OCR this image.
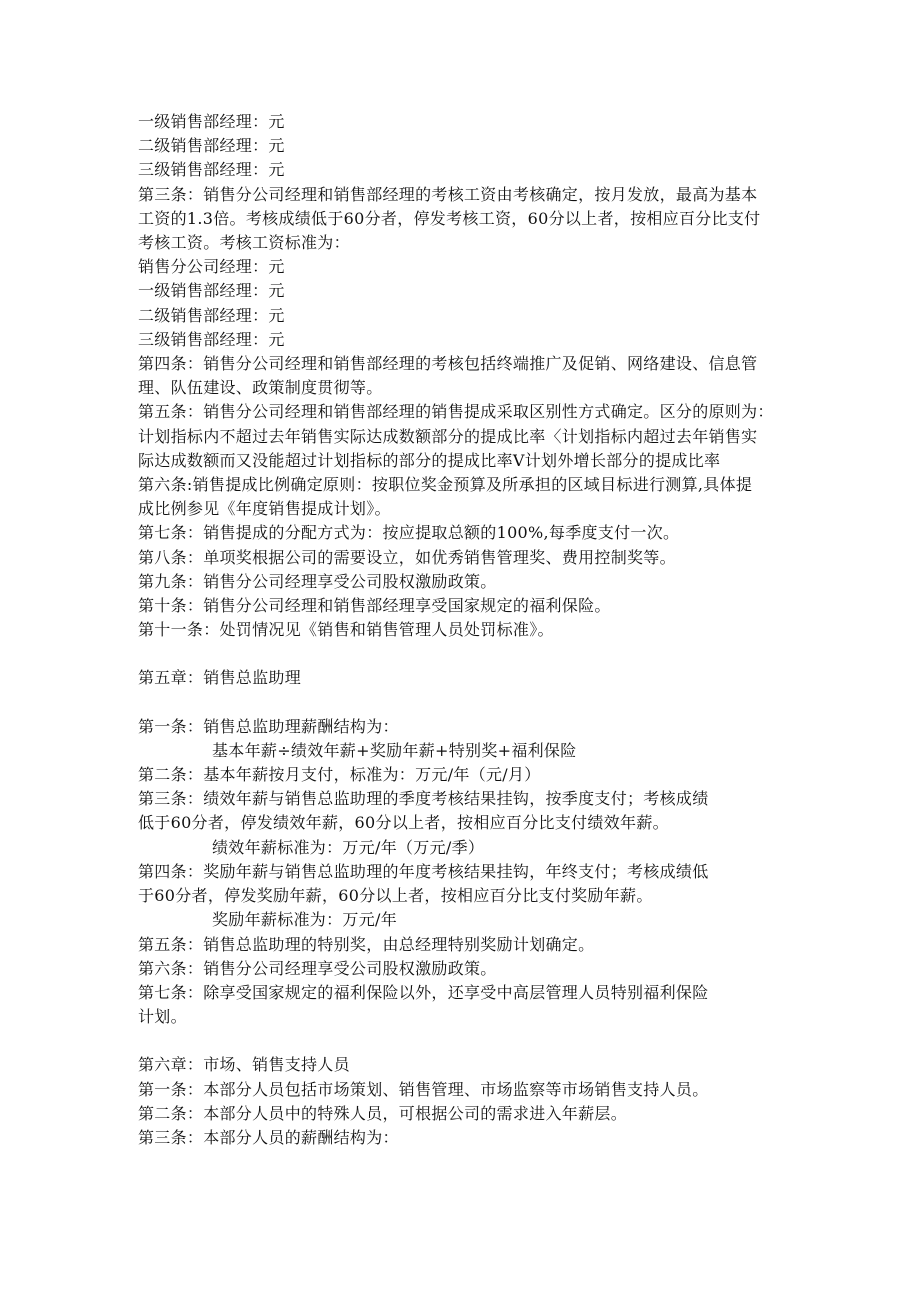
一级销售部经理：元
二级销售部经理：元
三级销售部经理：元
第三条：销售分公司经理和销售部经理的考核工资由考核确定，按月发放，最高为基本
工资的1.3倍。考核成绩低于60分者，停发考核工资，60分以上者，按相应百分比支付
考核工资。考核工资标准为：
销售分公司经理：元
一级销售部经理：元
二级销售部经理：元
三级销售部经理：元
第四条：销售分公司经理和销售部经理的考核包括终端推广及促销、网络建设、信息管
理、队伍建设、政策制度贯彻等。
第五条：销售分公司经理和销售部经理的销售提成采取区别性方式确定。区分的原则为：
计划指标内不超过去年销售实际达成数额部分的提成比率〈计划指标内超过去年销售实
际达成数额而又没能超过计划指标的部分的提成比率V计划外增长部分的提成比率
第六条:销售提成比例确定原则：按职位奖金预算及所承担的区域目标进行测算,具体提
成比例参见《年度销售提成计划》。
第七条：销售提成的分配方式为：按应提取总额的100%,每季度支付一次。
第八条：单项奖根据公司的需要设立，如优秀销售管理奖、费用控制奖等。
第九条：销售分公司经理享受公司股权激励政策。
第十条：销售分公司经理和销售部经理享受国家规定的福利保险。
第十一条：处罚情况见《销售和销售管理人员处罚标准》。
第五章：销售总监助理
第一条：销售总监助理薪酬结构为：
基本年薪÷绩效年薪+奖励年薪+特别奖+福利保险
第二条：基本年薪按月支付，标准为：万元/年（元/月）
第三条：绩效年薪与销售总监助理的季度考核结果挂钩，按季度支付；考核成绩
低于60分者，停发绩效年薪，60分以上者，按相应百分比支付绩效年薪。
绩效年薪标准为：万元/年（万元/季）
第四条：奖励年薪与销售总监助理的年度考核结果挂钩，年终支付；考核成绩低
于60分者，停发奖励年薪，60分以上者，按相应百分比支付奖励年薪。
奖励年薪标准为：万元/年
第五条：销售总监助理的特别奖，由总经理特别奖励计划确定。
第六条：销售分公司经理享受公司股权激励政策。
第七条：除享受国家规定的福利保险以外，还享受中高层管理人员特别福利保险
计划。
第六章：市场、销售支持人员
第一条：本部分人员包括市场策划、销售管理、市场监察等市场销售支持人员。
第二条：本部分人员中的特殊人员，可根据公司的需求进入年薪层。
第三条：本部分人员的薪酬结构为：
